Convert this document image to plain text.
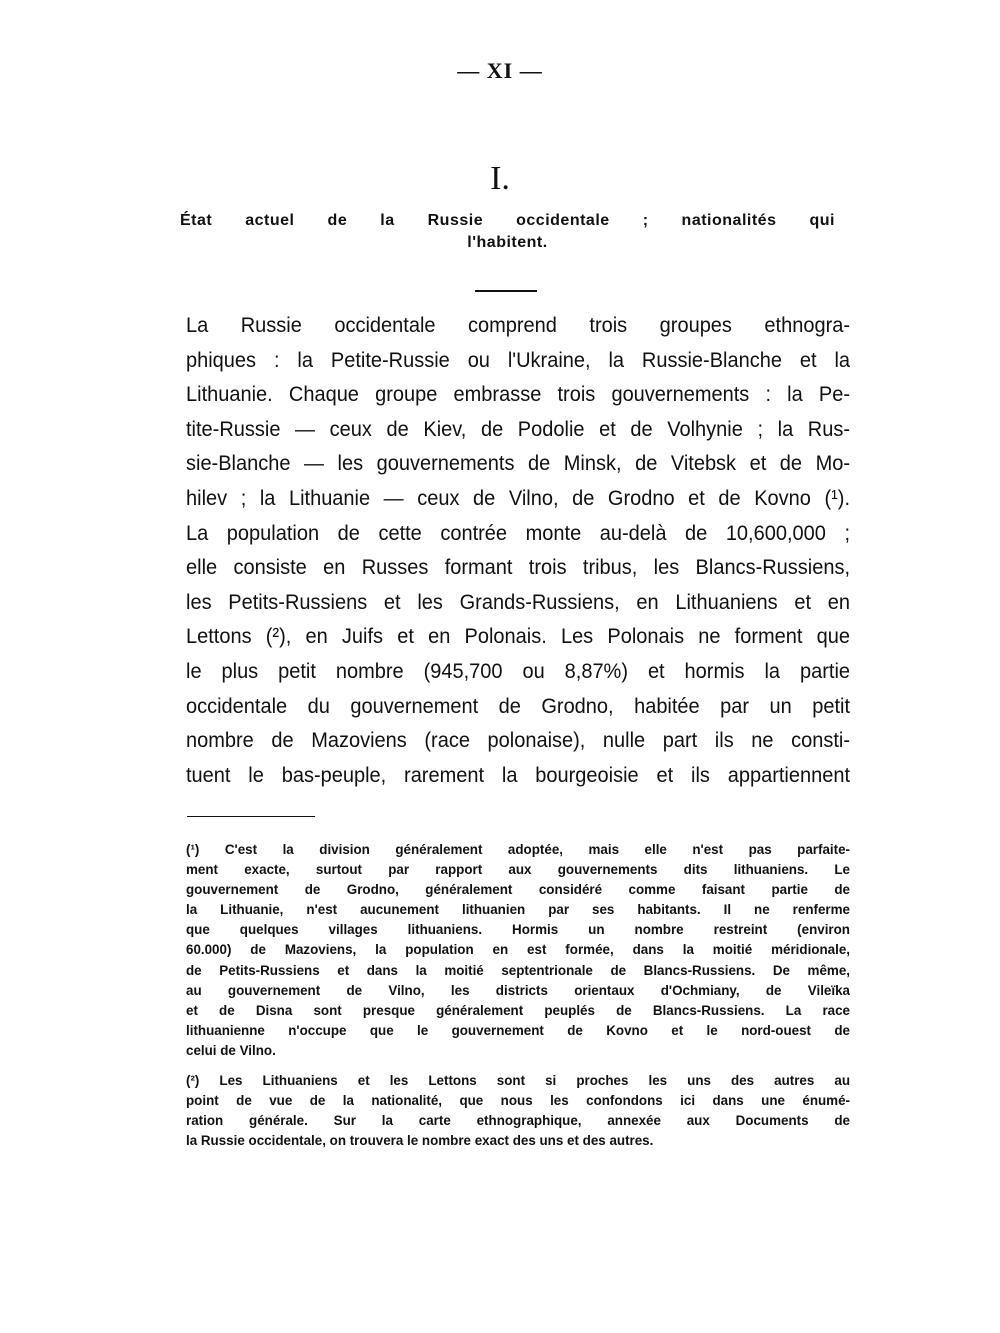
— XI —
I.
État actuel de la Russie occidentale ; nationalités qui
l'habitent.
La Russie occidentale comprend trois groupes ethnogra-
phiques : la Petite-Russie ou l'Ukraine, la Russie-Blanche et la
Lithuanie. Chaque groupe embrasse trois gouvernements : la Pe-
tite-Russie — ceux de Kiev, de Podolie et de Volhynie ; la Rus-
sie-Blanche — les gouvernements de Minsk, de Vitebsk et de Mo-
hilev ; la Lithuanie — ceux de Vilno, de Grodno et de Kovno (¹).
La population de cette contrée monte au-delà de 10,600,000 ;
elle consiste en Russes formant trois tribus, les Blancs-Russiens,
les Petits-Russiens et les Grands-Russiens, en Lithuaniens et en
Lettons (²), en Juifs et en Polonais. Les Polonais ne forment que
le plus petit nombre (945,700 ou 8,87%) et hormis la partie
occidentale du gouvernement de Grodno, habitée par un petit
nombre de Mazoviens (race polonaise), nulle part ils ne consti-
tuent le bas-peuple, rarement la bourgeoisie et ils appartiennent
(¹) C'est la division généralement adoptée, mais elle n'est pas parfaite-
ment exacte, surtout par rapport aux gouvernements dits lithuaniens. Le
gouvernement de Grodno, généralement considéré comme faisant partie de
la Lithuanie, n'est aucunement lithuanien par ses habitants. Il ne renferme
que quelques villages lithuaniens. Hormis un nombre restreint (environ
60.000) de Mazoviens, la population en est formée, dans la moitié méridionale,
de Petits-Russiens et dans la moitié septentrionale de Blancs-Russiens. De même,
au gouvernement de Vilno, les districts orientaux d'Ochmiany, de Vileïka
et de Disna sont presque généralement peuplés de Blancs-Russiens. La race
lithuanienne n'occupe que le gouvernement de Kovno et le nord-ouest de
celui de Vilno.
(²) Les Lithuaniens et les Lettons sont si proches les uns des autres au
point de vue de la nationalité, que nous les confondons ici dans une énumé-
ration générale. Sur la carte ethnographique, annexée aux Documents de
la Russie occidentale, on trouvera le nombre exact des uns et des autres.
